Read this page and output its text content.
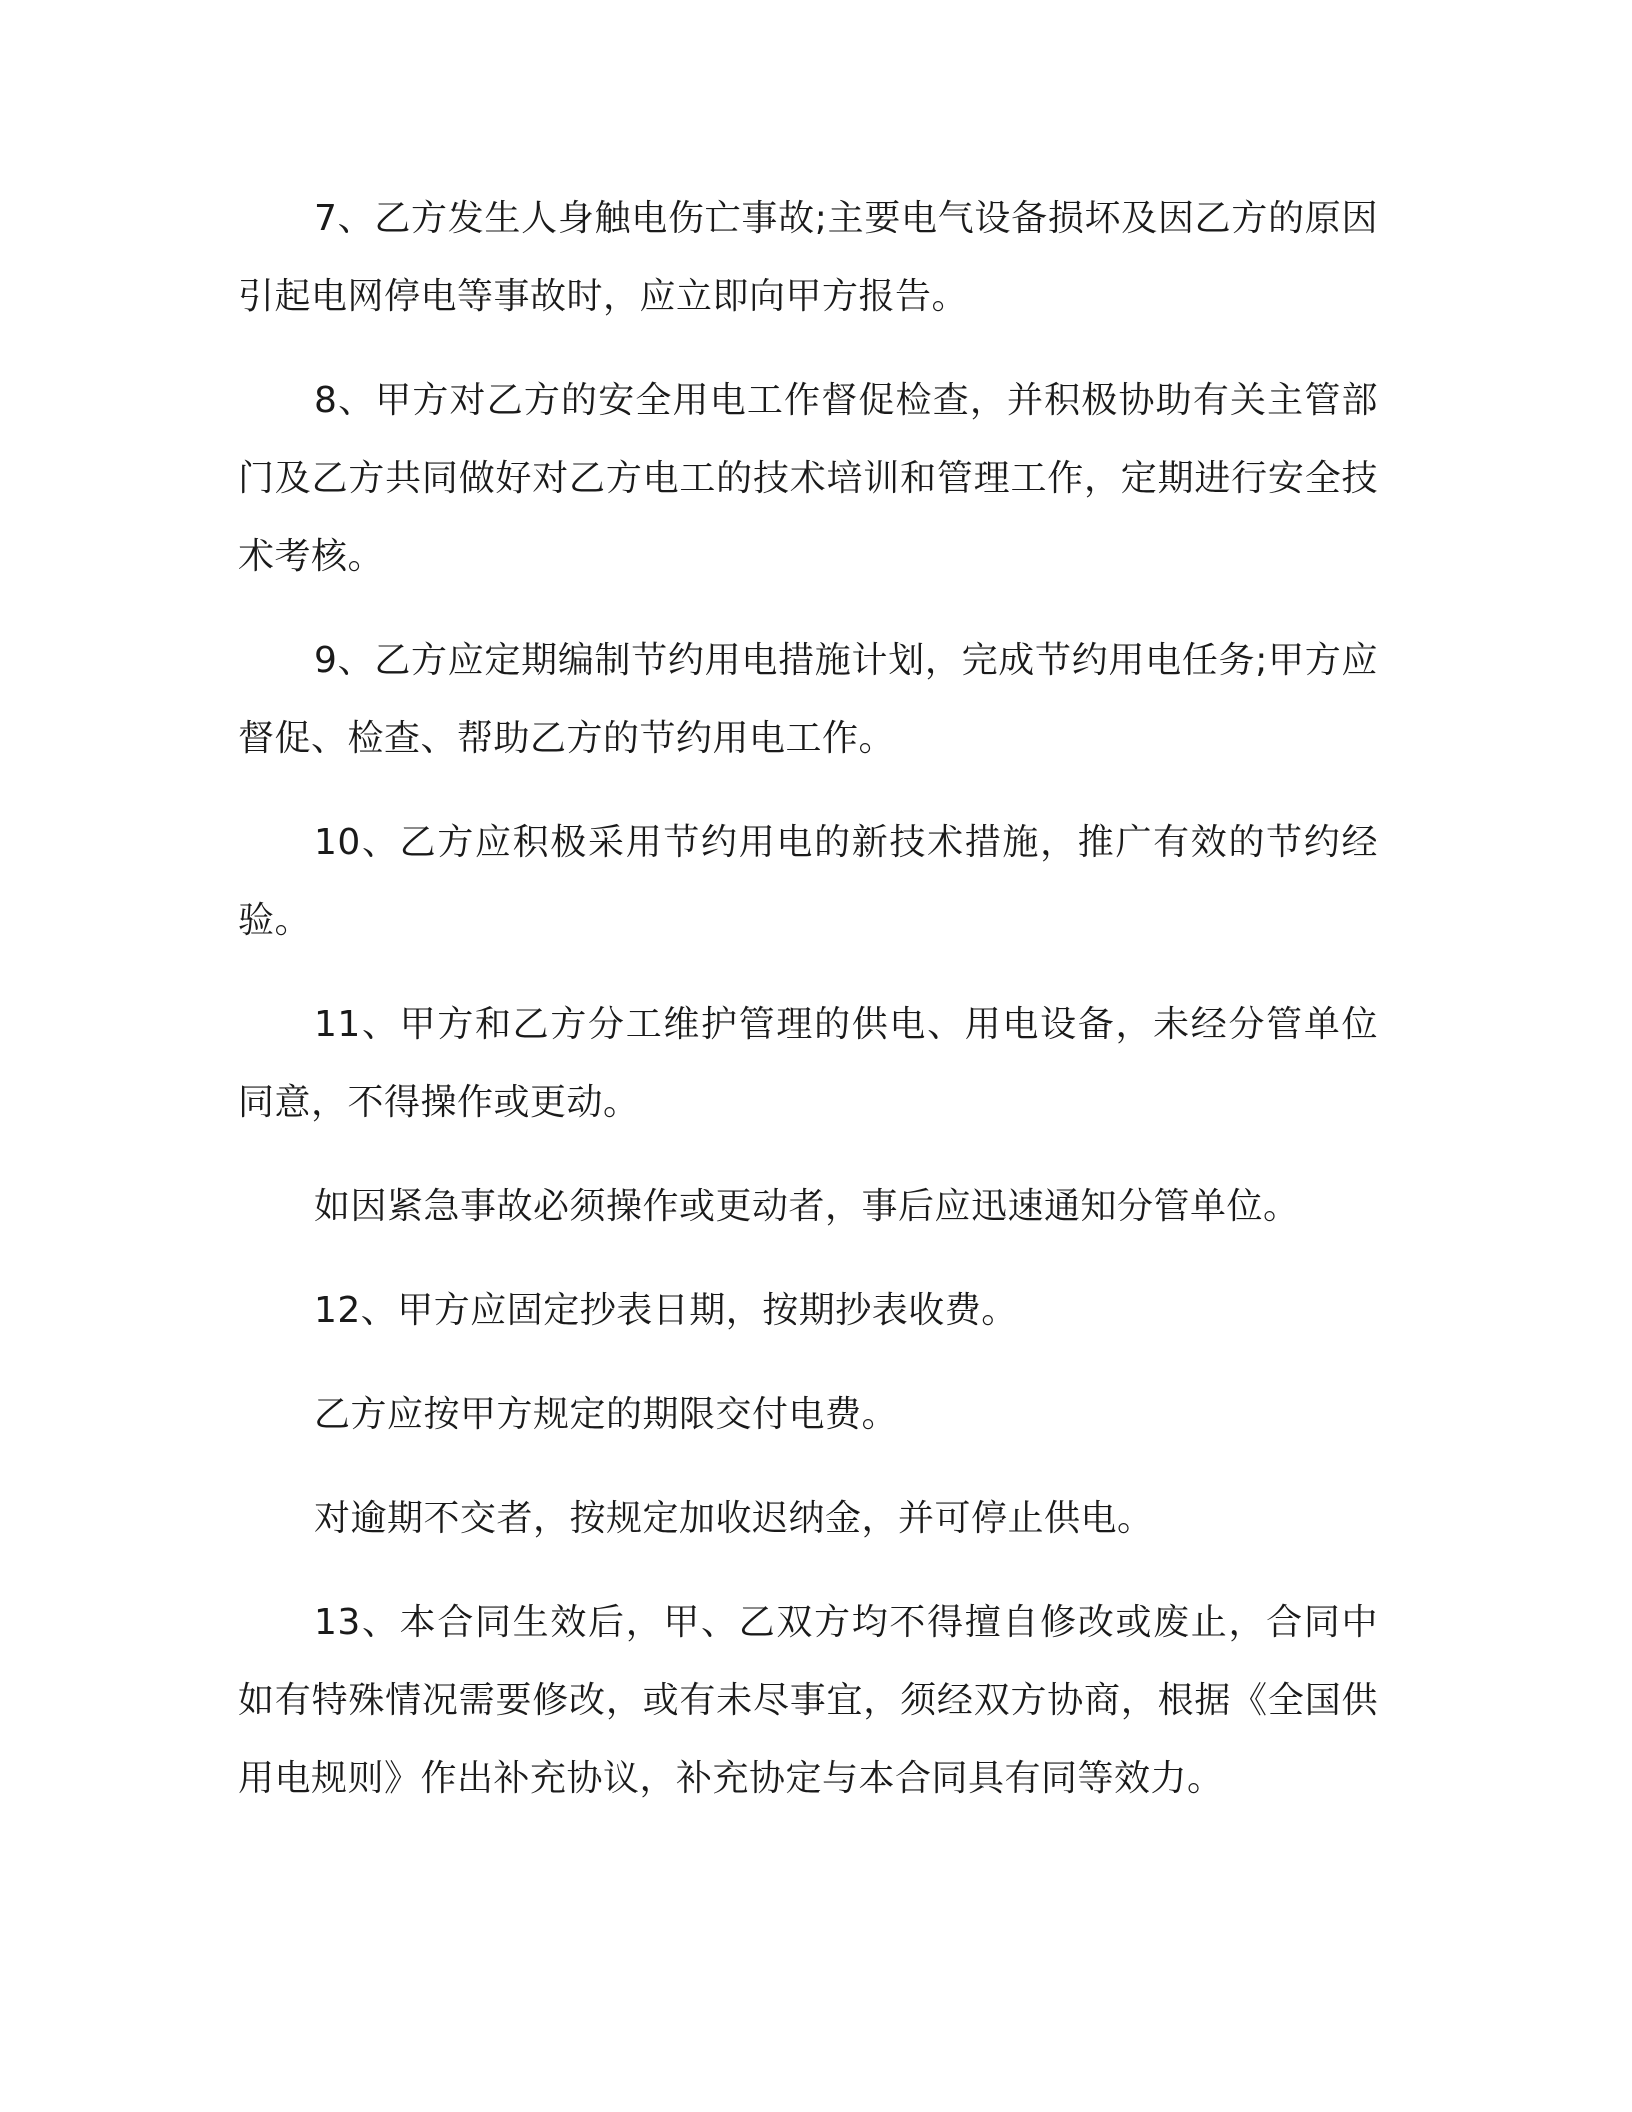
7、乙方发生人身触电伤亡事故;主要电气设备损坏及因乙方的原因引起电网停电等事故时，应立即向甲方报告。

8、甲方对乙方的安全用电工作督促检查，并积极协助有关主管部门及乙方共同做好对乙方电工的技术培训和管理工作，定期进行安全技术考核。

9、乙方应定期编制节约用电措施计划，完成节约用电任务;甲方应督促、检查、帮助乙方的节约用电工作。

10、乙方应积极采用节约用电的新技术措施，推广有效的节约经验。

11、甲方和乙方分工维护管理的供电、用电设备，未经分管单位同意，不得操作或更动。

如因紧急事故必须操作或更动者，事后应迅速通知分管单位。

12、甲方应固定抄表日期，按期抄表收费。

乙方应按甲方规定的期限交付电费。

对逾期不交者，按规定加收迟纳金，并可停止供电。

13、本合同生效后，甲、乙双方均不得擅自修改或废止，合同中如有特殊情况需要修改，或有未尽事宜，须经双方协商，根据《全国供用电规则》作出补充协议，补充协定与本合同具有同等效力。
